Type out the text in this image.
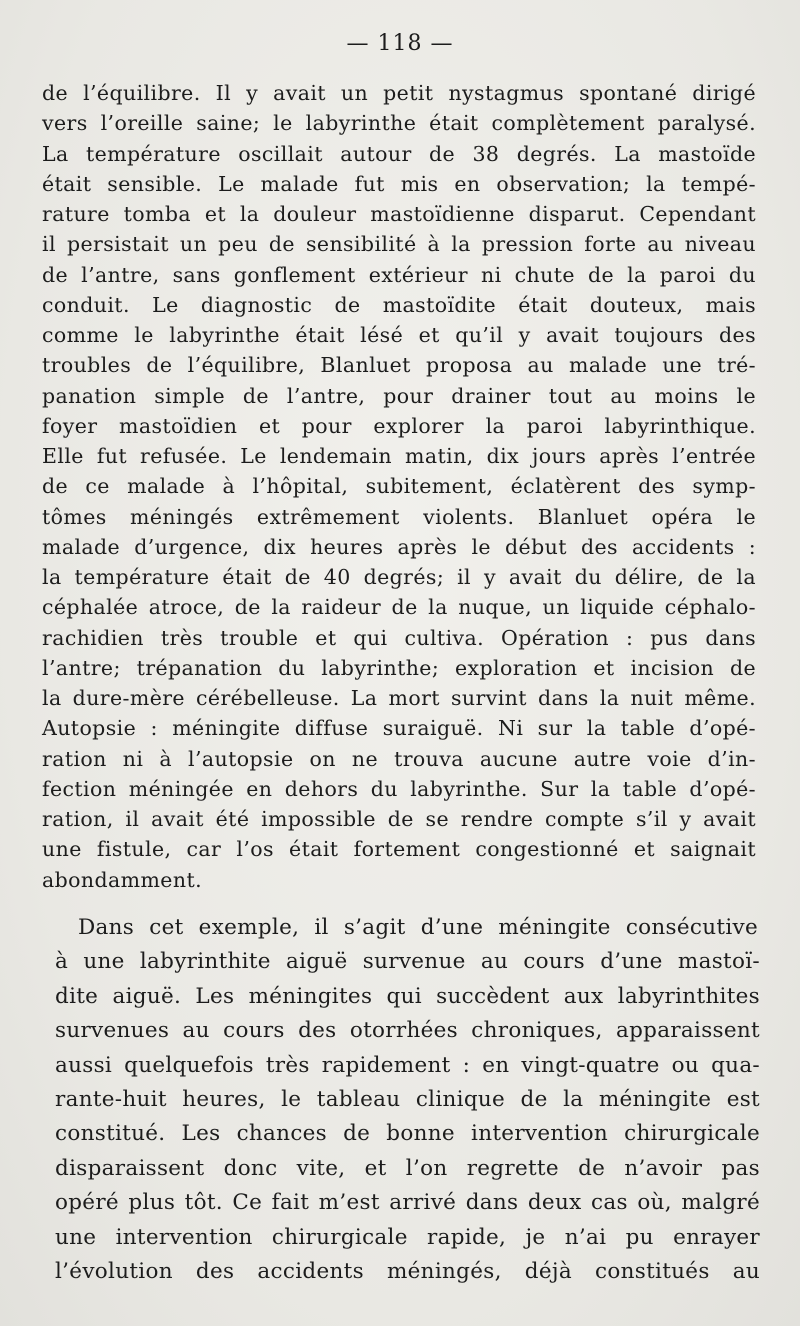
— 118 —
de l’équilibre. Il y avait un petit nystagmus spontané dirigé
vers l’oreille saine; le labyrinthe était complètement paralysé.
La température oscillait autour de 38 degrés. La mastoïde
était sensible. Le malade fut mis en observation; la tempé-
rature tomba et la douleur mastoïdienne disparut. Cependant
il persistait un peu de sensibilité à la pression forte au niveau
de l’antre, sans gonflement extérieur ni chute de la paroi du
conduit. Le diagnostic de mastoïdite était douteux, mais
comme le labyrinthe était lésé et qu’il y avait toujours des
troubles de l’équilibre, Blanluet proposa au malade une tré-
panation simple de l’antre, pour drainer tout au moins le
foyer mastoïdien et pour explorer la paroi labyrinthique.
Elle fut refusée. Le lendemain matin, dix jours après l’entrée
de ce malade à l’hôpital, subitement, éclatèrent des symp-
tômes méningés extrêmement violents. Blanluet opéra le
malade d’urgence, dix heures après le début des accidents :
la température était de 40 degrés; il y avait du délire, de la
céphalée atroce, de la raideur de la nuque, un liquide céphalo-
rachidien très trouble et qui cultiva. Opération : pus dans
l’antre; trépanation du labyrinthe; exploration et incision de
la dure-mère cérébelleuse. La mort survint dans la nuit même.
Autopsie : méningite diffuse suraiguë. Ni sur la table d’opé-
ration ni à l’autopsie on ne trouva aucune autre voie d’in-
fection méningée en dehors du labyrinthe. Sur la table d’opé-
ration, il avait été impossible de se rendre compte s’il y avait
une fistule, car l’os était fortement congestionné et saignait
abondamment.
Dans cet exemple, il s’agit d’une méningite consécutive
à une labyrinthite aiguë survenue au cours d’une mastoï-
dite aiguë. Les méningites qui succèdent aux labyrinthites
survenues au cours des otorrhées chroniques, apparaissent
aussi quelquefois très rapidement : en vingt-quatre ou qua-
rante-huit heures, le tableau clinique de la méningite est
constitué. Les chances de bonne intervention chirurgicale
disparaissent donc vite, et l’on regrette de n’avoir pas
opéré plus tôt. Ce fait m’est arrivé dans deux cas où, malgré
une intervention chirurgicale rapide, je n’ai pu enrayer
l’évolution des accidents méningés, déjà constitués au
